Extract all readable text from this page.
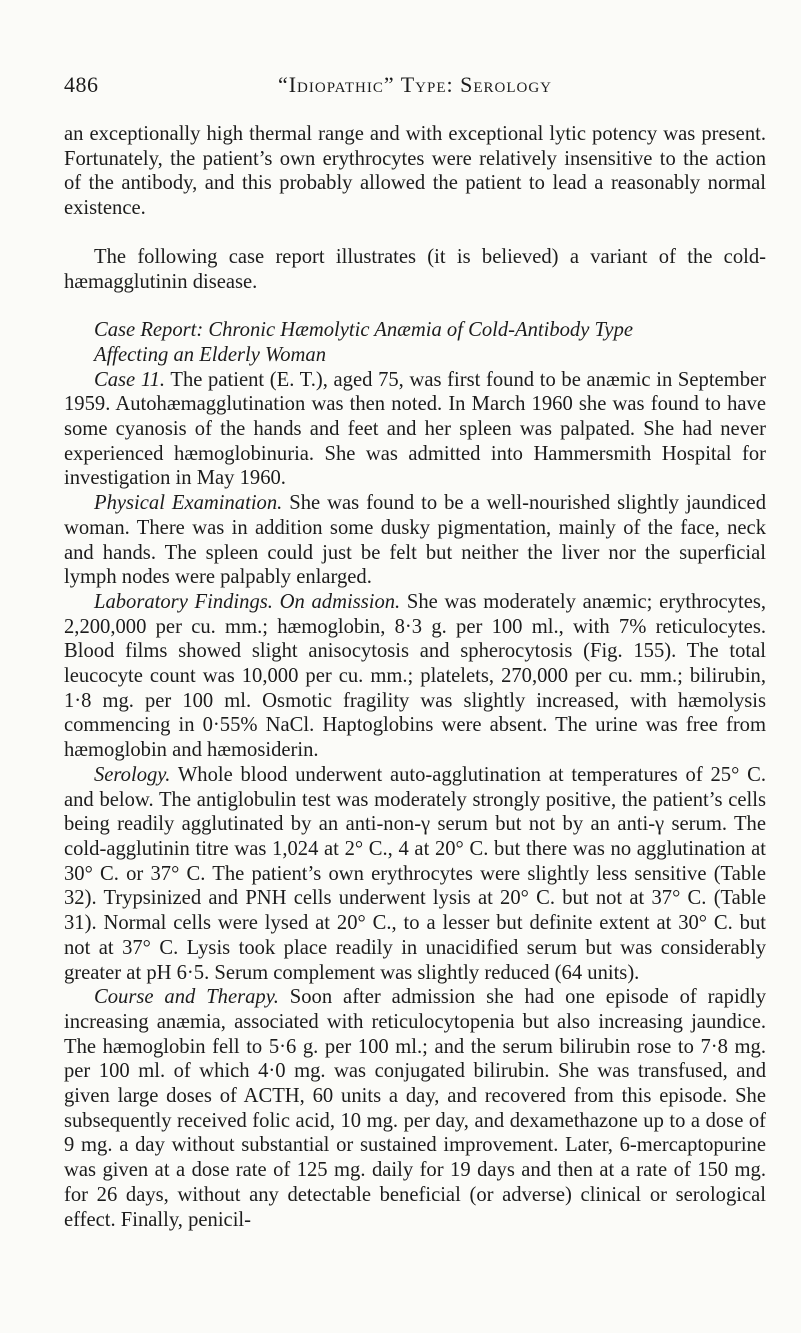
486	“Idiopathic” Type: Serology

an exceptionally high thermal range and with exceptional lytic potency was present. Fortunately, the patient’s own erythrocytes were relatively insensitive to the action of the antibody, and this probably allowed the patient to lead a reasonably normal existence.

The following case report illustrates (it is believed) a variant of the cold-hæmagglutinin disease.

Case Report: Chronic Hæmolytic Anæmia of Cold-Antibody Type

Affecting an Elderly Woman

Case 11. The patient (E. T.), aged 75, was first found to be anæmic in September 1959. Autohæmagglutination was then noted. In March 1960 she was found to have some cyanosis of the hands and feet and her spleen was palpated. She had never experienced hæmoglobinuria. She was admitted into Hammersmith Hospital for investigation in May 1960.

Physical Examination. She was found to be a well-nourished slightly jaundiced woman. There was in addition some dusky pigmentation, mainly of the face, neck and hands. The spleen could just be felt but neither the liver nor the superficial lymph nodes were palpably enlarged.

Laboratory Findings. On admission. She was moderately anæmic; erythrocytes, 2,200,000 per cu. mm.; hæmoglobin, 8·3 g. per 100 ml., with 7% reticulocytes. Blood films showed slight anisocytosis and spherocytosis (Fig. 155). The total leucocyte count was 10,000 per cu. mm.; platelets, 270,000 per cu. mm.; bilirubin, 1·8 mg. per 100 ml. Osmotic fragility was slightly increased, with hæmolysis commencing in 0·55% NaCl. Haptoglobins were absent. The urine was free from hæmoglobin and hæmosiderin.

Serology. Whole blood underwent auto-agglutination at temperatures of 25° C. and below. The antiglobulin test was moderately strongly positive, the patient’s cells being readily agglutinated by an anti-non-γ serum but not by an anti-γ serum. The cold-agglutinin titre was 1,024 at 2° C., 4 at 20° C. but there was no agglutination at 30° C. or 37° C. The patient’s own erythrocytes were slightly less sensitive (Table 32). Trypsinized and PNH cells underwent lysis at 20° C. but not at 37° C. (Table 31). Normal cells were lysed at 20° C., to a lesser but definite extent at 30° C. but not at 37° C. Lysis took place readily in unacidified serum but was considerably greater at pH 6·5. Serum complement was slightly reduced (64 units).

Course and Therapy. Soon after admission she had one episode of rapidly increasing anæmia, associated with reticulocytopenia but also increasing jaundice. The hæmoglobin fell to 5·6 g. per 100 ml.; and the serum bilirubin rose to 7·8 mg. per 100 ml. of which 4·0 mg. was conjugated bilirubin. She was transfused, and given large doses of ACTH, 60 units a day, and recovered from this episode. She subsequently received folic acid, 10 mg. per day, and dexamethazone up to a dose of 9 mg. a day without substantial or sustained improvement. Later, 6-mercaptopurine was given at a dose rate of 125 mg. daily for 19 days and then at a rate of 150 mg. for 26 days, without any detectable beneficial (or adverse) clinical or serological effect. Finally, penicil-
